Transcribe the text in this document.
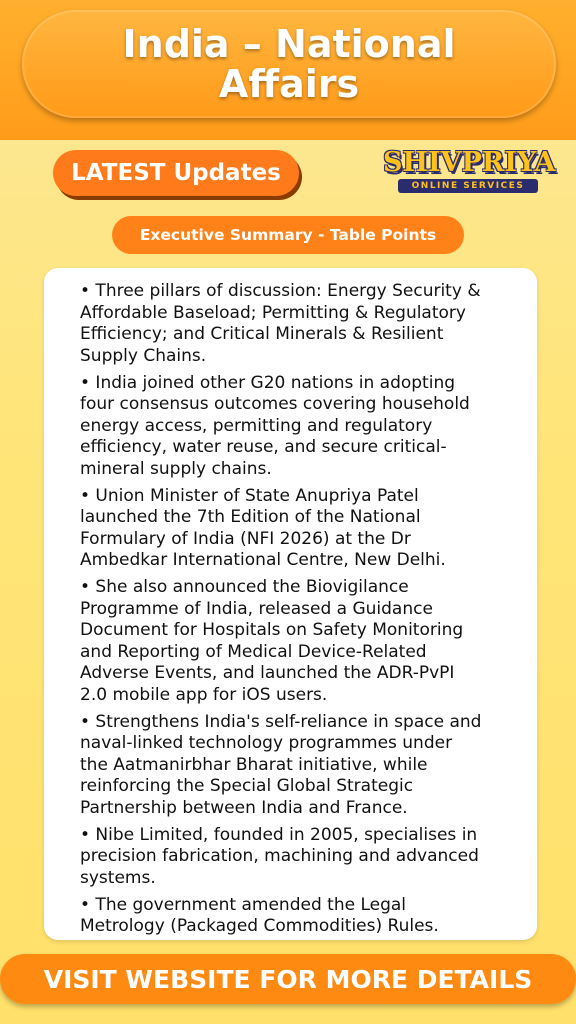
India – National Affairs
LATEST Updates	SHIVPRIYA
ONLINE SERVICES
Executive Summary - Table Points
• Three pillars of discussion: Energy Security & Affordable Baseload; Permitting & Regulatory Efficiency; and Critical Minerals & Resilient Supply Chains.
• India joined other G20 nations in adopting four consensus outcomes covering household energy access, permitting and regulatory efficiency, water reuse, and secure critical-mineral supply chains.
• Union Minister of State Anupriya Patel launched the 7th Edition of the National Formulary of India (NFI 2026) at the Dr Ambedkar International Centre, New Delhi.
• She also announced the Biovigilance Programme of India, released a Guidance Document for Hospitals on Safety Monitoring and Reporting of Medical Device-Related Adverse Events, and launched the ADR-PvPI 2.0 mobile app for iOS users.
• Strengthens India's self-reliance in space and naval-linked technology programmes under the Aatmanirbhar Bharat initiative, while reinforcing the Special Global Strategic Partnership between India and France.
• Nibe Limited, founded in 2005, specialises in precision fabrication, machining and advanced systems.
• The government amended the Legal Metrology (Packaged Commodities) Rules.
VISIT WEBSITE FOR MORE DETAILS
